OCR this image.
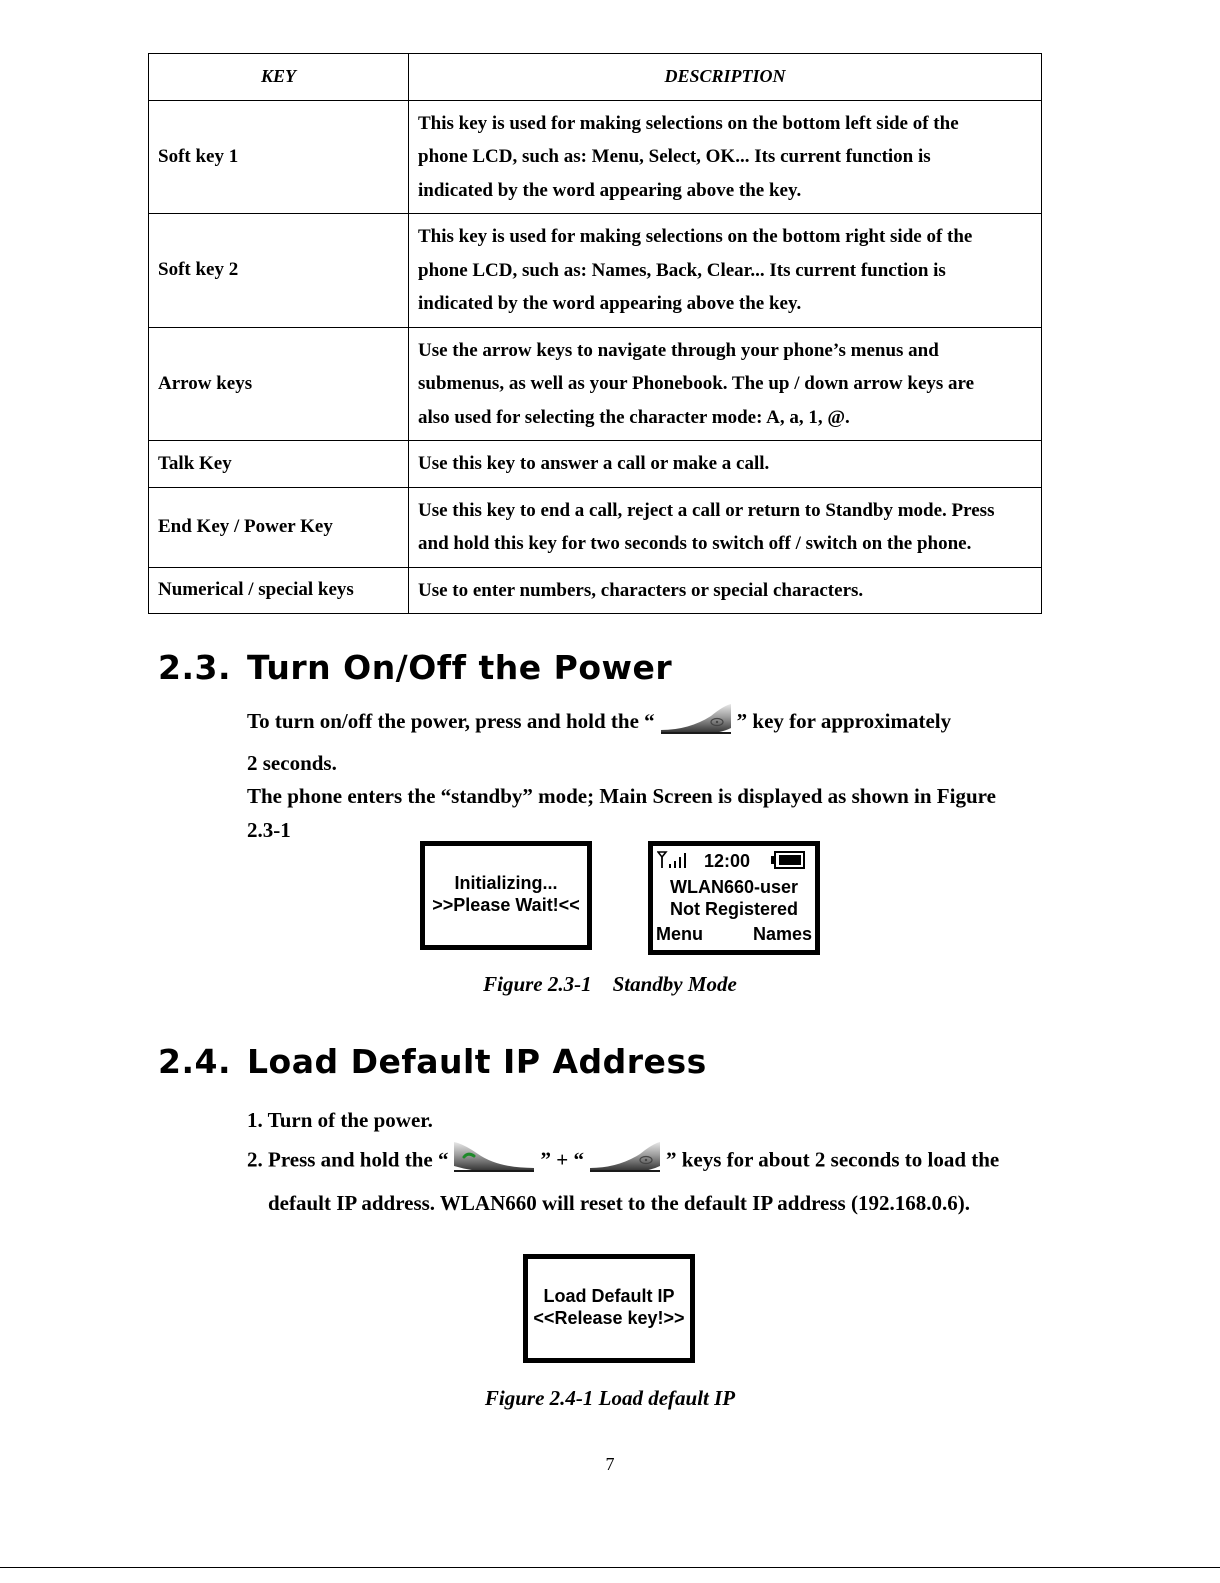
KEY	DESCRIPTION
Soft key 1	This key is used for making selections on the bottom left side of the
phone LCD, such as: Menu, Select, OK... Its current function is
indicated by the word appearing above the key.

Soft key 2	This key is used for making selections on the bottom right side of the
phone LCD, such as: Names, Back, Clear... Its current function is
indicated by the word appearing above the key.

Arrow keys	Use the arrow keys to navigate through your phone’s menus and
submenus, as well as your Phonebook. The up / down arrow keys are
also used for selecting the character mode: A, a, 1, @.

Talk Key	Use this key to answer a call or make a call.

End Key / Power Key	Use this key to end a call, reject a call or return to Standby mode. Press
and hold this key for two seconds to switch off / switch on the phone.

Numerical / special keys	Use to enter numbers, characters or special characters.
2.3. Turn On/Off the Power
To turn on/off the power, press and hold the “	” key for approximately
2 seconds.
The phone enters the “standby” mode; Main Screen is displayed as shown in Figure
2.3-1
Initializing...
>>Please Wait!<<
12:00
WLAN660-user
Not Registered
Menu	Names
Figure 2.3-1    Standby Mode
2.4. Load Default IP Address
1. Turn of the power.
2. Press and hold the “	” + “	” keys for about 2 seconds to load the
default IP address. WLAN660 will reset to the default IP address (192.168.0.6).
Load Default IP
<<Release key!>>
Figure 2.4-1 Load default IP
7
